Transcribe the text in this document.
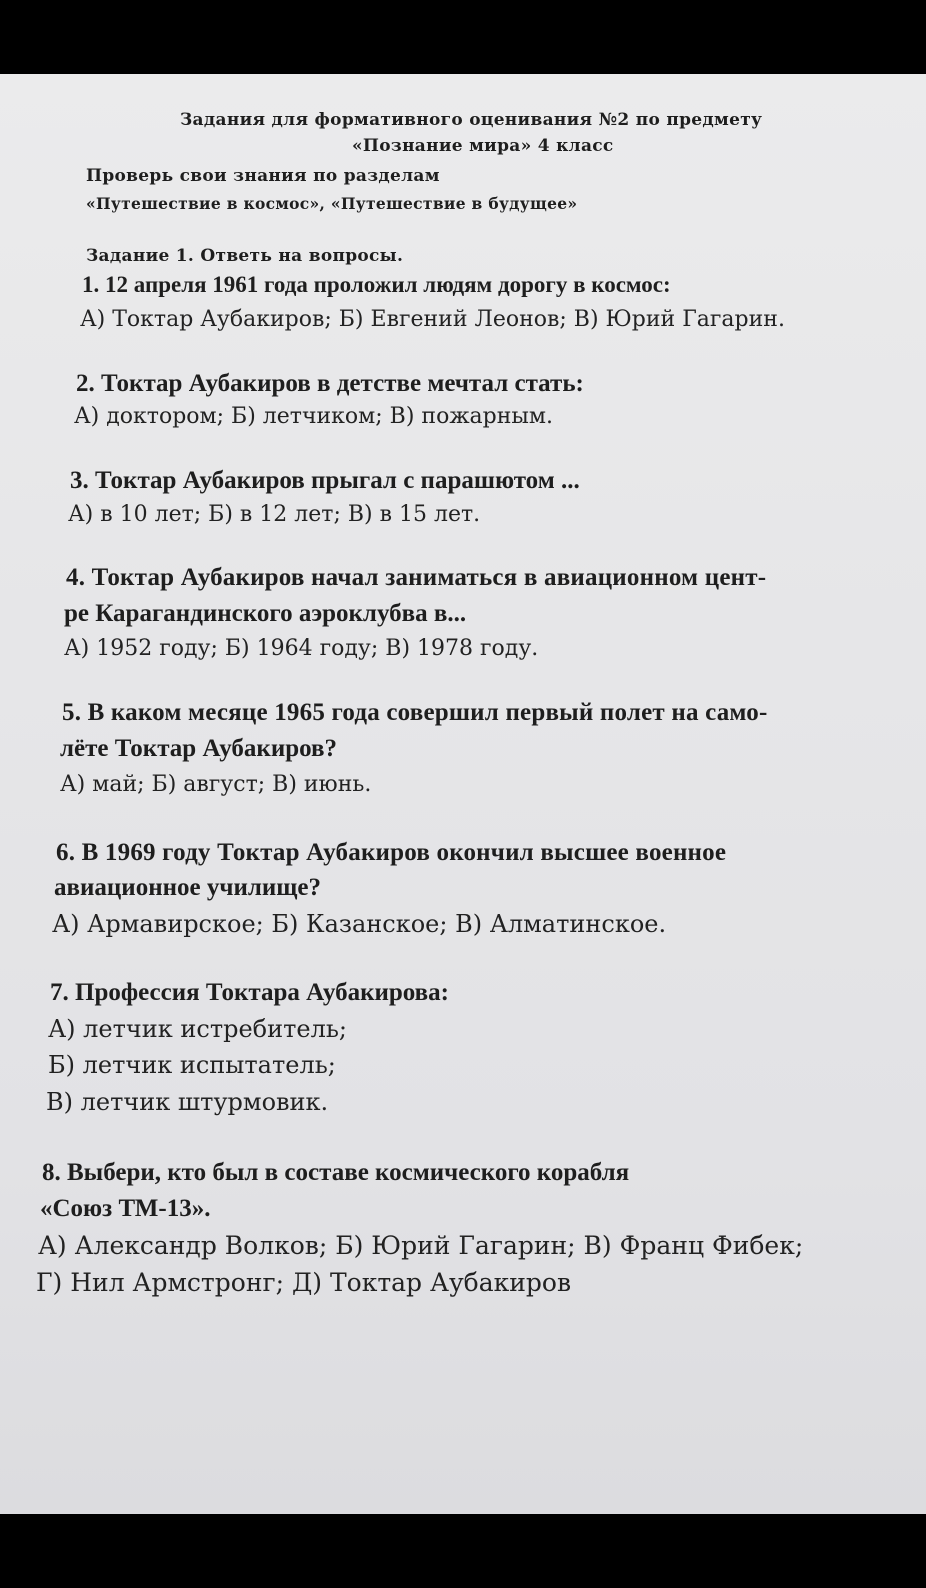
Задания для формативного оценивания №2 по предмету
«Познание мира» 4 класс
Проверь свои знания по разделам
«Путешествие в космос», «Путешествие в будущее»
Задание 1. Ответь на вопросы.
1. 12 апреля 1961 года проложил людям дорогу в космос:
А) Токтар Аубакиров; Б) Евгений Леонов; В) Юрий Гагарин.
2. Токтар Аубакиров в детстве мечтал стать:
А) доктором; Б) летчиком; В) пожарным.
3. Токтар Аубакиров прыгал с парашютом ...
А) в 10 лет; Б) в 12 лет; В) в 15 лет.
4. Токтар Аубакиров начал заниматься в авиационном цент-
ре Карагандинского аэроклубва в...
А) 1952 году; Б) 1964 году; В) 1978 году.
5. В каком месяце 1965 года совершил первый полет на само-
лёте Токтар Аубакиров?
А) май; Б) август; В) июнь.
6. В 1969 году Токтар Аубакиров окончил высшее военное
авиационное училище?
А) Армавирское; Б) Казанское; В) Алматинское.
7. Профессия Токтара Аубакирова:
А) летчик истребитель;
Б) летчик испытатель;
В) летчик штурмовик.
8. Выбери, кто был в составе космического корабля
«Союз ТМ-13».
А) Александр Волков; Б) Юрий Гагарин; В) Франц Фибек;
Г) Нил Армстронг; Д) Токтар Аубакиров
